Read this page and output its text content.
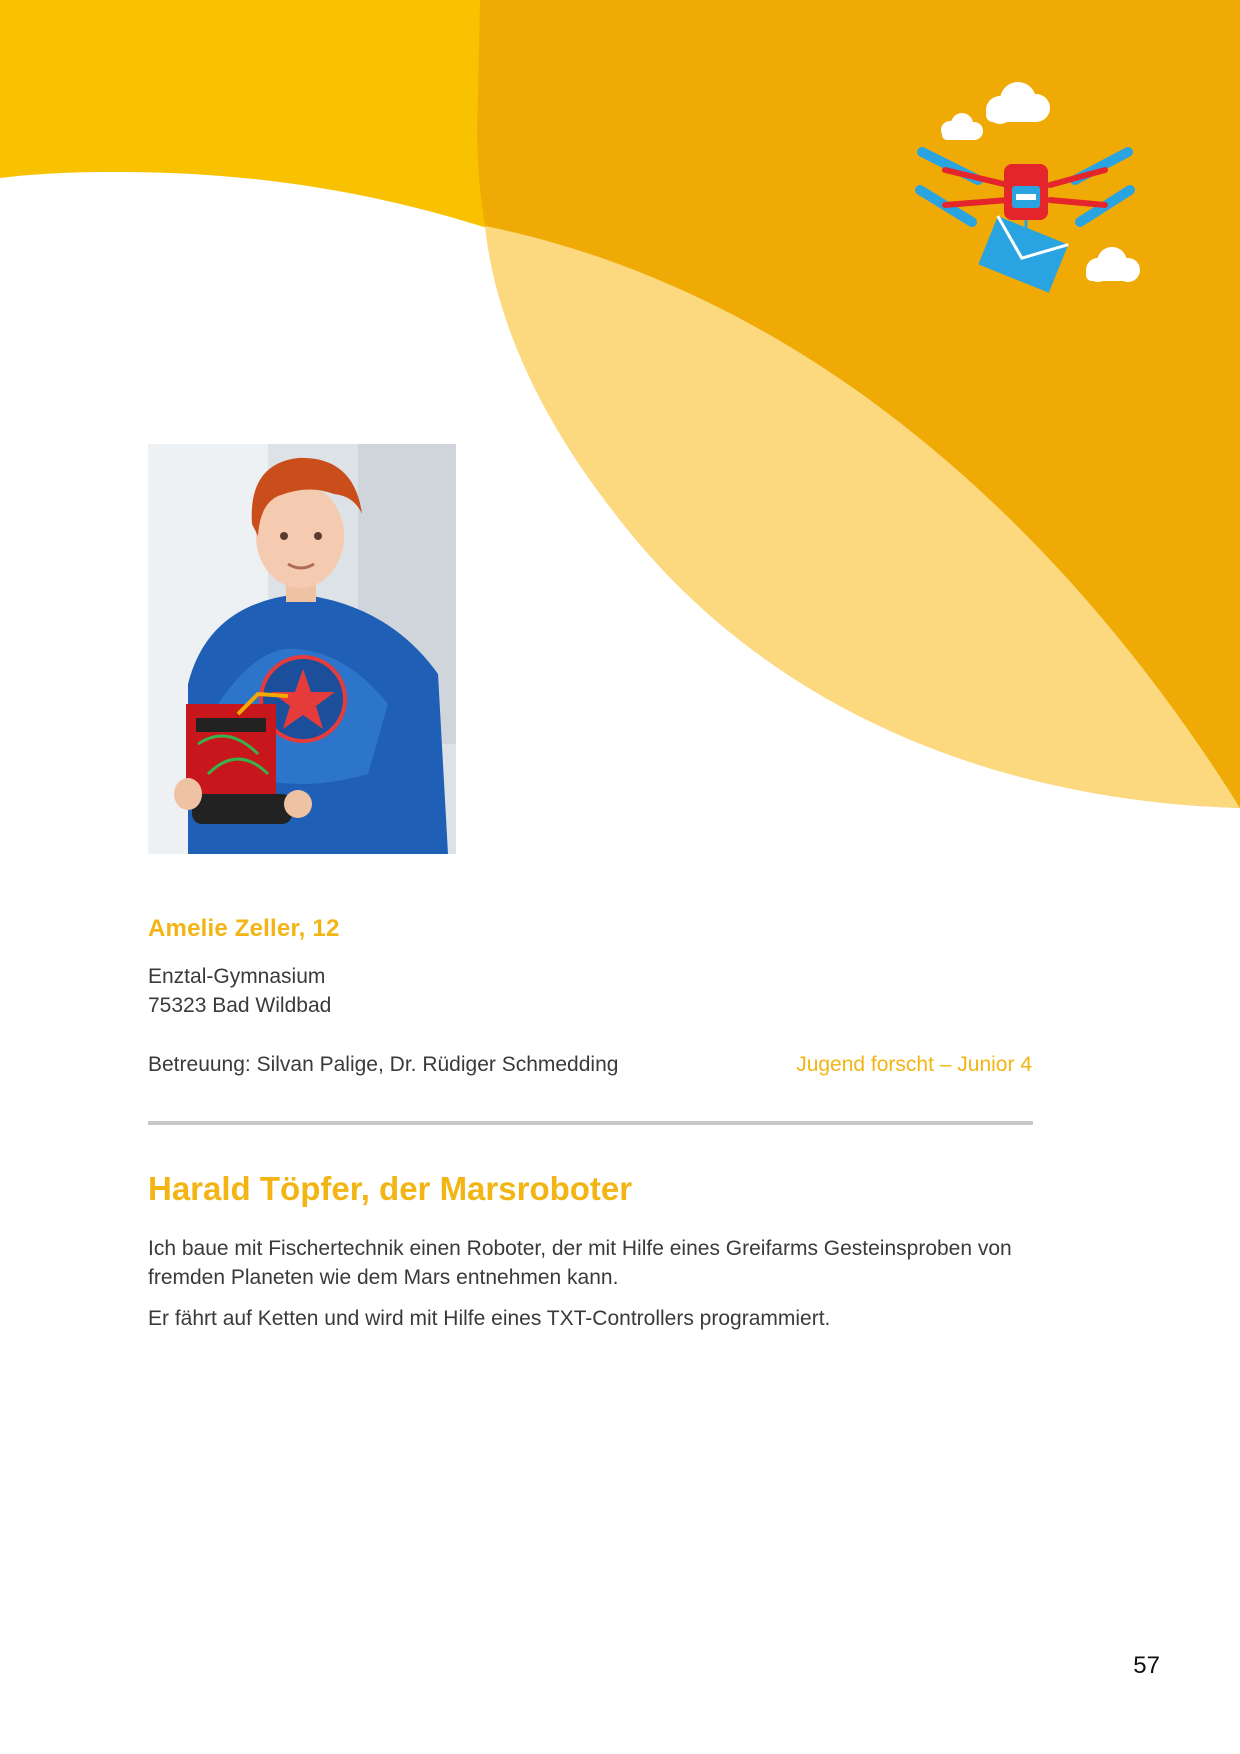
Amelie Zeller, 12
Enztal-Gymnasium
75323 Bad Wildbad
Betreuung: Silvan Palige, Dr. Rüdiger Schmedding	Jugend forscht – Junior 4
Harald Töpfer, der Marsroboter

Ich baue mit Fischertechnik einen Roboter, der mit Hilfe eines Greifarms Gesteinsproben von fremden Planeten wie dem Mars entnehmen kann.

Er fährt auf Ketten und wird mit Hilfe eines TXT-Controllers programmiert.

57
